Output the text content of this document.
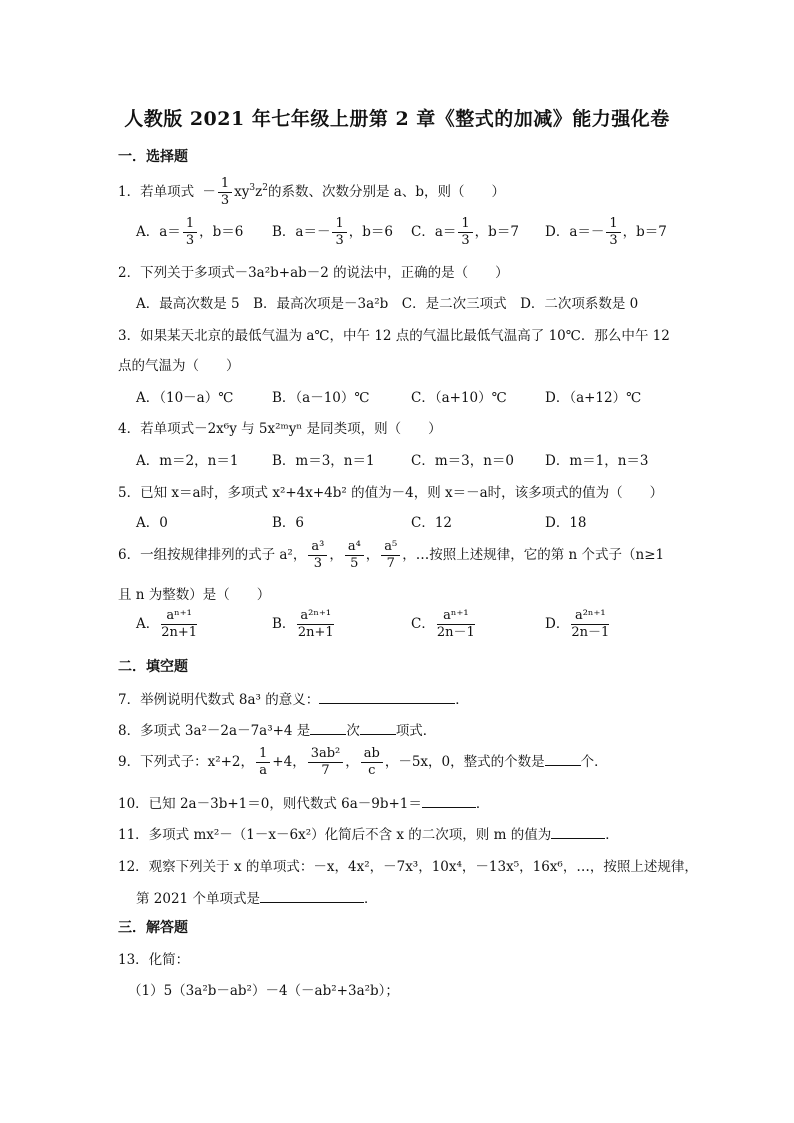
人教版 2021 年七年级上册第 2 章《整式的加减》能力强化卷
一．选择题
1．若单项式 － $\frac{1}{3} xy^3z^2$的系数、次数分别是 a、b，则（　　）
A．$a= \frac{1}{3}$ ，b＝6 B．$a=- \frac{1}{3}$ ，b＝6 C．$a= \frac{1}{3}$ ，b＝7 D．$a=- \frac{1}{3}$ ，b＝7
2．下列关于多项式－3a²b+ab－2 的说法中，正确的是（　　）
A．最高次数是 5　B．最高次项是－3a²b　C．是二次三项式　D．二次项系数是 0
3．如果某天北京的最低气温为 a℃，中午 12 点的气温比最低气温高了 10℃．那么中午 12
点的气温为（　　）
A．（10－a）℃	B．（a－10）℃	C．（a+10）℃	D．（a+12）℃
4．若单项式－2x⁶y 与 5x²ᵐyⁿ 是同类项，则（　　）
A．m＝2，n＝1 B．m＝3，n＝1	C．m＝3，n＝0 D．m＝1，n＝3
5．已知 x＝a时，多项式 x²+4x+4b² 的值为－4，则 x＝－a时，该多项式的值为（　　）
A．0	B．6	C．12	D．18
6．一组按规律排列的式子 a²， $\frac{\text{a³}}{3}$ ， $\frac{\text{a⁴}}{5}$ ， $\frac{\text{a⁵}}{7}$ ，…按照上述规律，它的第 n 个式子（n≥1
且 n 为整数）是（　　）
A． $\frac{\text{aⁿ⁺¹}}{2n+1}$	B． $\frac{\text{a²ⁿ⁺¹}}{2n+1}$	C． $\frac{\text{aⁿ⁺¹}}{2n-1}$	D． $\frac{\text{a²ⁿ⁺¹}}{2n-1}$
二．填空题
7．举例说明代数式 8a³ 的意义：	．
8．多项式 3a²－2a－7a³+4 是	次	项式．
9．下列式子：x²+2， $\frac{1}{a} +4$， $\frac{\text{3ab²}}{7}$ ， $\frac{ab}{c}$ ，－5x，0，整式的个数是	个．
10．已知 2a－3b+1＝0，则代数式 6a－9b+1＝	．
11．多项式 mx²－（1－x－6x²）化简后不含 x 的二次项，则 m 的值为	．
12．观察下列关于 x 的单项式：－x，4x²，－7x³，10x⁴，－13x⁵，16x⁶，…，按照上述规律，
第 2021 个单项式是	．
三．解答题
13．化简：
（1）5（3a²b－ab²）－4（－ab²+3a²b）；
